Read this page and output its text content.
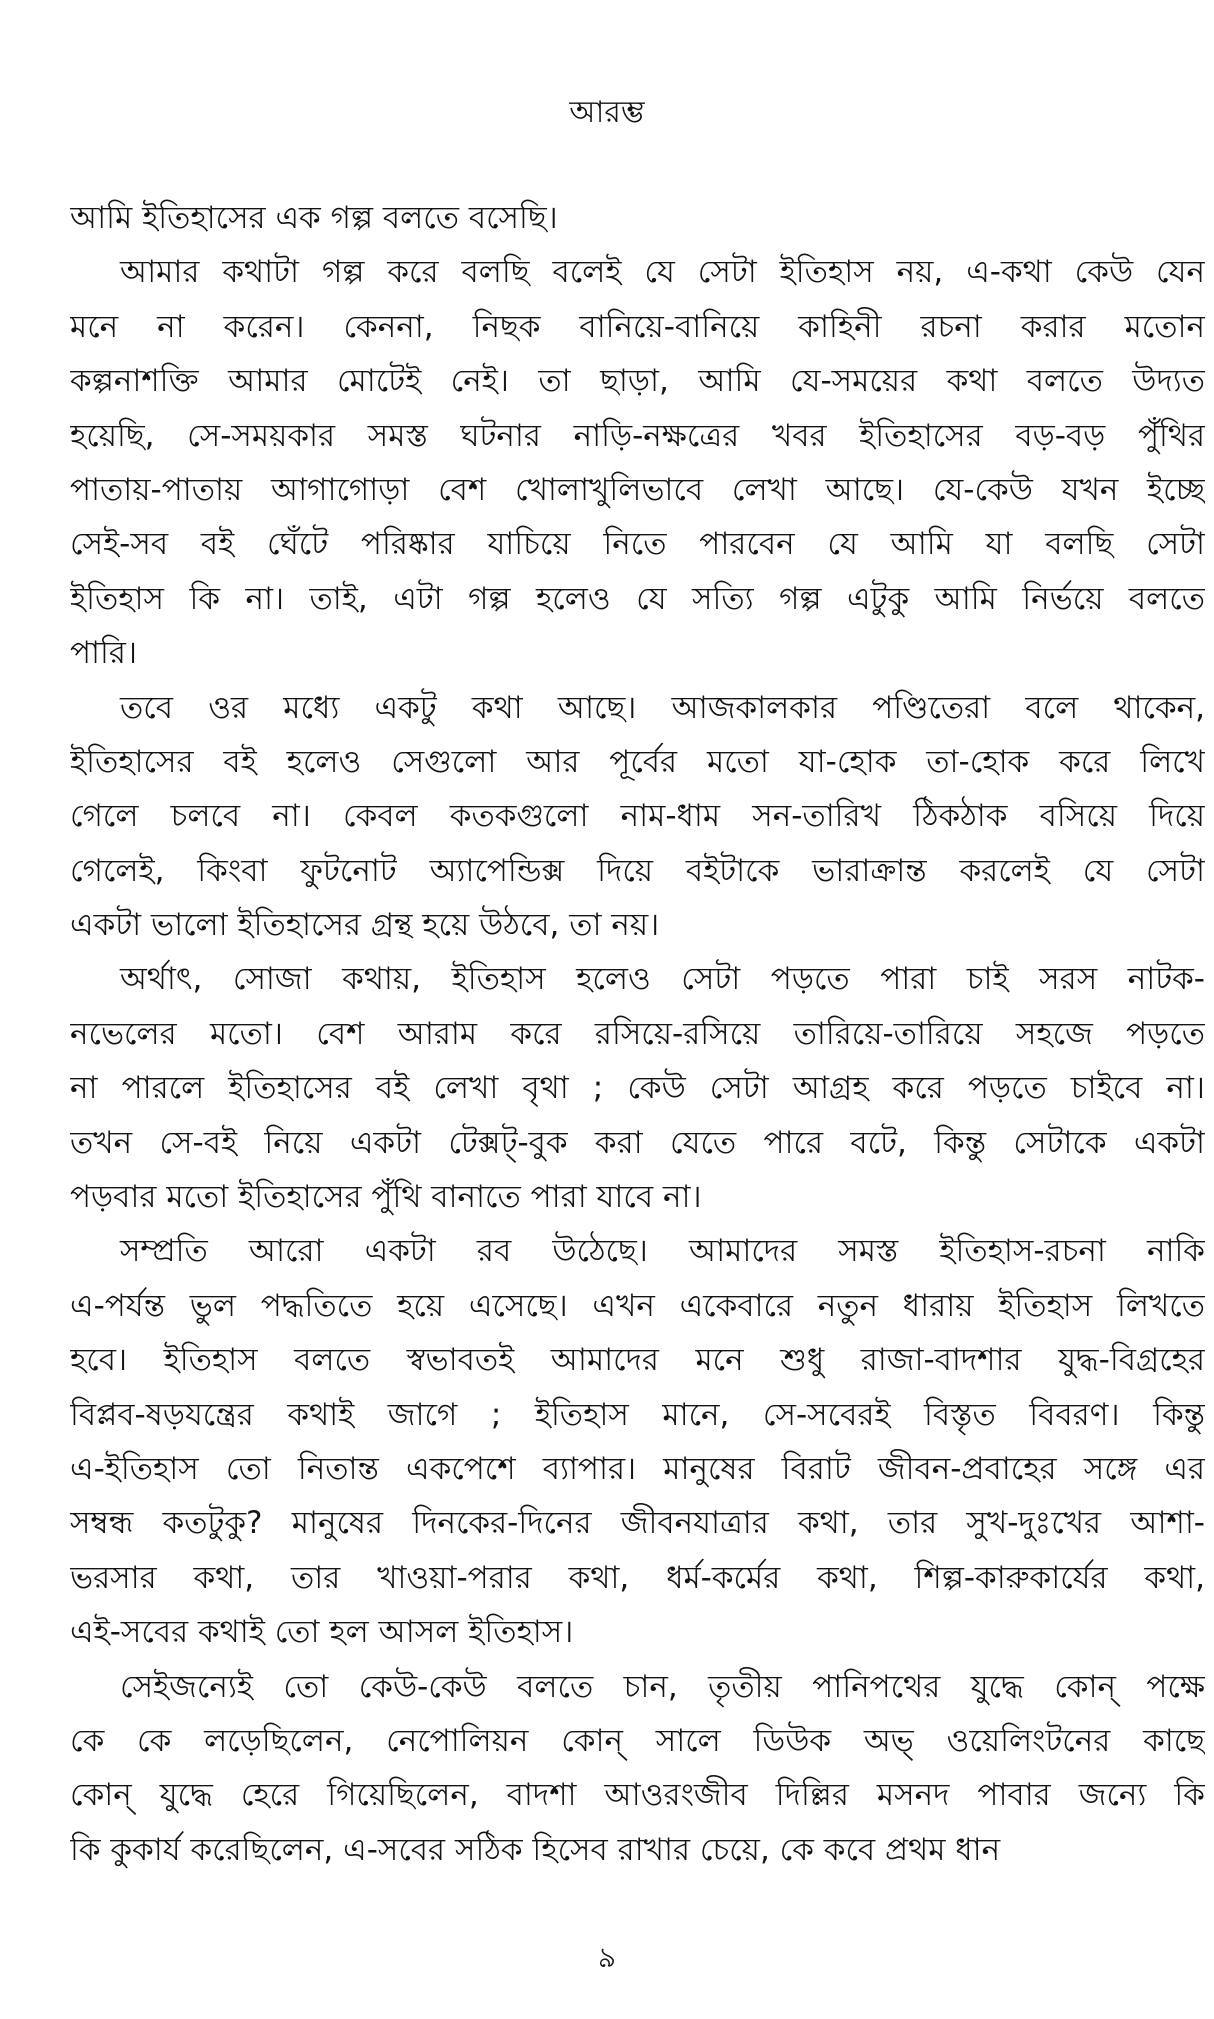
আরম্ভ
আমি ইতিহাসের এক গল্প বলতে বসেছি।
আমার কথাটা গল্প করে বলছি বলেই যে সেটা ইতিহাস নয়, এ-কথা কেউ যেন
মনে না করেন। কেননা, নিছক বানিয়ে-বানিয়ে কাহিনী রচনা করার মতোন
কল্পনাশক্তি আমার মোটেই নেই। তা ছাড়া, আমি যে-সময়ের কথা বলতে উদ্যত
হয়েছি, সে-সময়কার সমস্ত ঘটনার নাড়ি-নক্ষত্রের খবর ইতিহাসের বড়-বড় পুঁথির
পাতায়-পাতায় আগাগোড়া বেশ খোলাখুলিভাবে লেখা আছে। যে-কেউ যখন ইচ্ছে
সেই-সব বই ঘেঁটে পরিষ্কার যাচিয়ে নিতে পারবেন যে আমি যা বলছি সেটা
ইতিহাস কি না। তাই, এটা গল্প হলেও যে সত্যি গল্প এটুকু আমি নির্ভয়ে বলতে
পারি।
তবে ওর মধ্যে একটু কথা আছে। আজকালকার পণ্ডিতেরা বলে থাকেন,
ইতিহাসের বই হলেও সেগুলো আর পূর্বের মতো যা-হোক তা-হোক করে লিখে
গেলে চলবে না। কেবল কতকগুলো নাম-ধাম সন-তারিখ ঠিকঠাক বসিয়ে দিয়ে
গেলেই, কিংবা ফুটনোট অ্যাপেন্ডিক্স দিয়ে বইটাকে ভারাক্রান্ত করলেই যে সেটা
একটা ভালো ইতিহাসের গ্রন্থ হয়ে উঠবে, তা নয়।
অর্থাৎ, সোজা কথায়, ইতিহাস হলেও সেটা পড়তে পারা চাই সরস নাটক-
নভেলের মতো। বেশ আরাম করে রসিয়ে-রসিয়ে তারিয়ে-তারিয়ে সহজে পড়তে
না পারলে ইতিহাসের বই লেখা বৃথা ; কেউ সেটা আগ্রহ করে পড়তে চাইবে না।
তখন সে-বই নিয়ে একটা টেক্সট্-বুক করা যেতে পারে বটে, কিন্তু সেটাকে একটা
পড়বার মতো ইতিহাসের পুঁথি বানাতে পারা যাবে না।
সম্প্রতি আরো একটা রব উঠেছে। আমাদের সমস্ত ইতিহাস-রচনা নাকি
এ-পর্যন্ত ভুল পদ্ধতিতে হয়ে এসেছে। এখন একেবারে নতুন ধারায় ইতিহাস লিখতে
হবে। ইতিহাস বলতে স্বভাবতই আমাদের মনে শুধু রাজা-বাদশার যুদ্ধ-বিগ্রহের
বিপ্লব-ষড়যন্ত্রের কথাই জাগে ; ইতিহাস মানে, সে-সবেরই বিস্তৃত বিবরণ। কিন্তু
এ-ইতিহাস তো নিতান্ত একপেশে ব্যাপার। মানুষের বিরাট জীবন-প্রবাহের সঙ্গে এর
সম্বন্ধ কতটুকু? মানুষের দিনকের-দিনের জীবনযাত্রার কথা, তার সুখ-দুঃখের আশা-
ভরসার কথা, তার খাওয়া-পরার কথা, ধর্ম-কর্মের কথা, শিল্প-কারুকার্যের কথা,
এই-সবের কথাই তো হল আসল ইতিহাস।
সেইজন্যেই তো কেউ-কেউ বলতে চান, তৃতীয় পানিপথের যুদ্ধে কোন্ পক্ষে
কে কে লড়েছিলেন, নেপোলিয়ন কোন্ সালে ডিউক অভ্ ওয়েলিংটনের কাছে
কোন্ যুদ্ধে হেরে গিয়েছিলেন, বাদশা আওরংজীব দিল্লির মসনদ পাবার জন্যে কি
কি কুকার্য করেছিলেন, এ-সবের সঠিক হিসেব রাখার চেয়ে, কে কবে প্রথম ধান
৯
